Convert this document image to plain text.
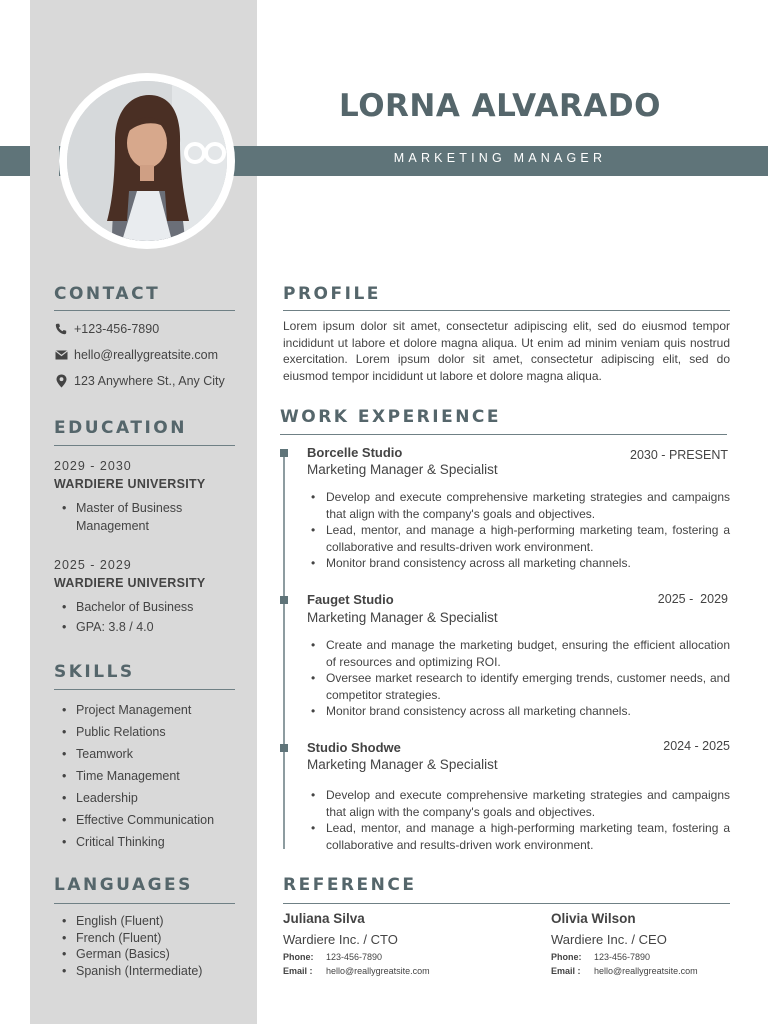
LORNA ALVARADO
MARKETING MANAGER
CONTACT
+123-456-7890
hello@reallygreatsite.com
123 Anywhere St., Any City
EDUCATION
2029 - 2030
WARDIERE UNIVERSITY
• Master of Business Management
2025 - 2029
WARDIERE UNIVERSITY
• Bachelor of Business
• GPA: 3.8 / 4.0
SKILLS
• Project Management
• Public Relations
• Teamwork
• Time Management
• Leadership
• Effective Communication
• Critical Thinking
LANGUAGES
• English (Fluent)
• French (Fluent)
• German (Basics)
• Spanish (Intermediate)
PROFILE
Lorem ipsum dolor sit amet, consectetur adipiscing elit, sed do eiusmod tempor incididunt ut labore et dolore magna aliqua. Ut enim ad minim veniam quis nostrud exercitation. Lorem ipsum dolor sit amet, consectetur adipiscing elit, sed do eiusmod tempor incididunt ut labore et dolore magna aliqua.
WORK EXPERIENCE
Borcelle Studio	2030 - PRESENT
Marketing Manager & Specialist
• Develop and execute comprehensive marketing strategies and campaigns that align with the company's goals and objectives.
• Lead, mentor, and manage a high-performing marketing team, fostering a collaborative and results-driven work environment.
• Monitor brand consistency across all marketing channels.
Fauget Studio	2025 -  2029
Marketing Manager & Specialist
• Create and manage the marketing budget, ensuring the efficient allocation of resources and optimizing ROI.
• Oversee market research to identify emerging trends, customer needs, and competitor strategies.
• Monitor brand consistency across all marketing channels.
Studio Shodwe	2024 - 2025
Marketing Manager & Specialist
• Develop and execute comprehensive marketing strategies and campaigns that align with the company's goals and objectives.
• Lead, mentor, and manage a high-performing marketing team, fostering a collaborative and results-driven work environment.
REFERENCE
Juliana Silva
Wardiere Inc. / CTO
Phone:	123-456-7890
Email :	hello@reallygreatsite.com
Olivia Wilson
Wardiere Inc. / CEO
Phone:	123-456-7890
Email :	hello@reallygreatsite.com
